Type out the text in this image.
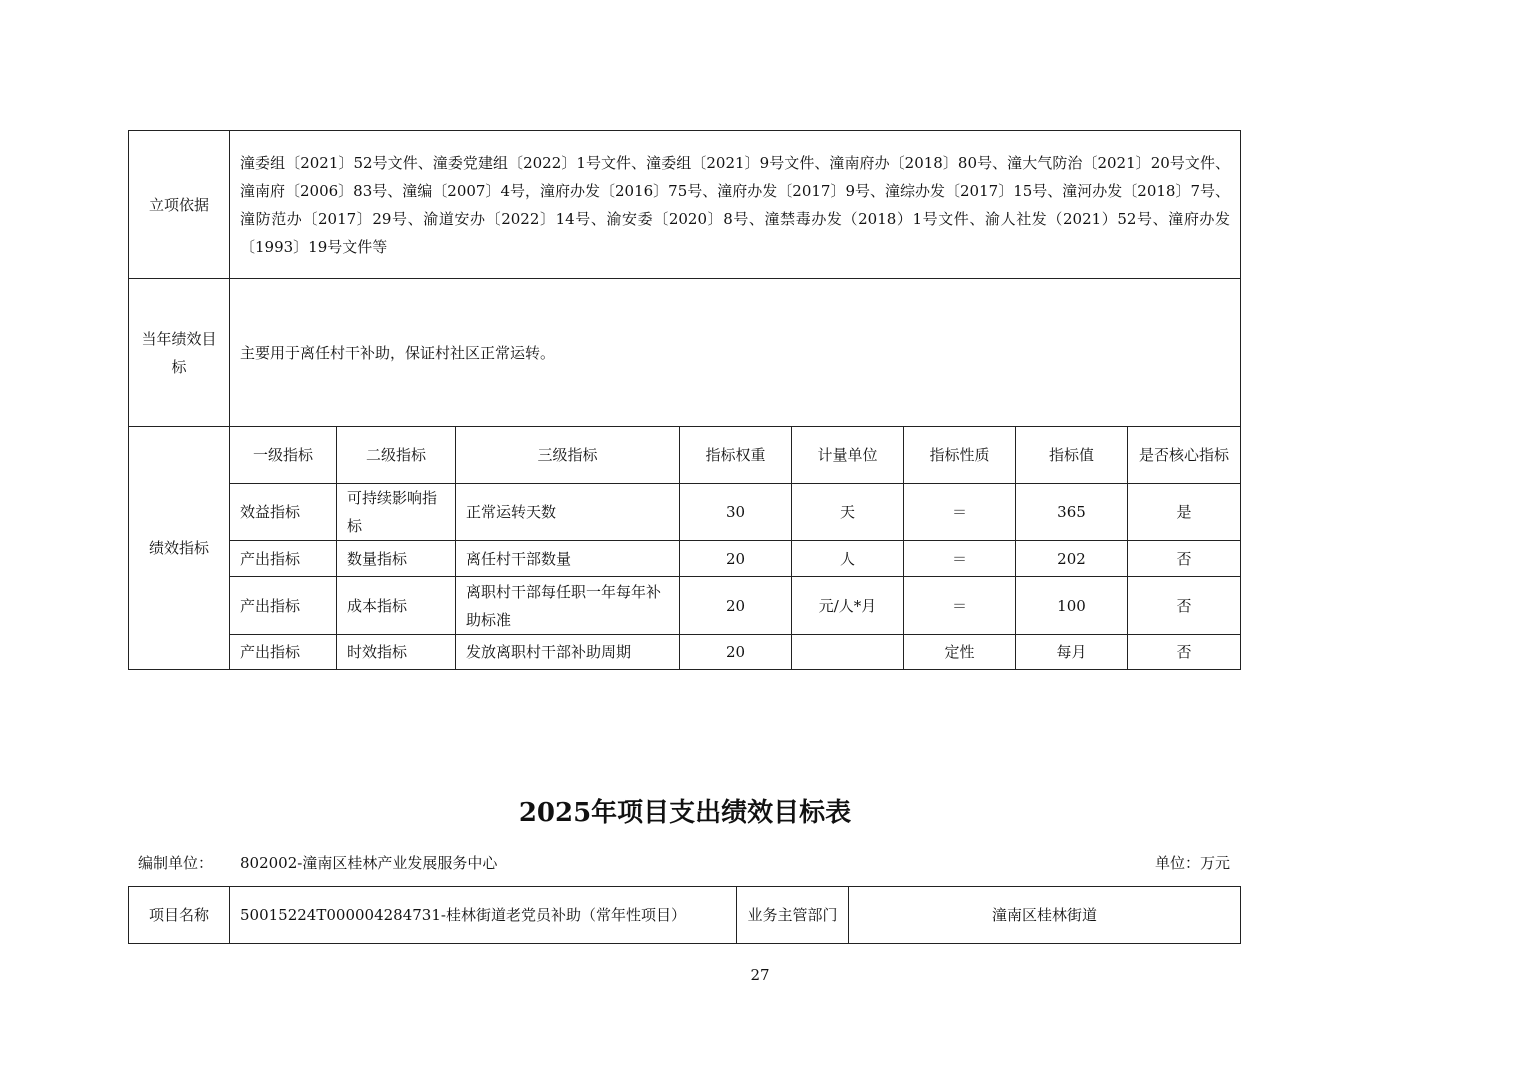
立项依据	潼委组〔2021〕52号文件、潼委党建组〔2022〕1号文件、潼委组〔2021〕9号文件、潼南府办〔2018〕80号、潼大气防治〔2021〕20号文件、潼南府〔2006〕83号、潼编〔2007〕4号，潼府办发〔2016〕75号、潼府办发〔2017〕9号、潼综办发〔2017〕15号、潼河办发〔2018〕7号、潼防范办〔2017〕29号、渝道安办〔2022〕14号、渝安委〔2020〕8号、潼禁毒办发（2018）1号文件、渝人社发（2021）52号、潼府办发〔1993〕19号文件等							
当年绩效目标	主要用于离任村干补助，保证村社区正常运转。							
绩效指标	一级指标	二级指标	三级指标	指标权重	计量单位	指标性质	指标值	是否核心指标
	效益指标	可持续影响指标	正常运转天数	30	天	＝	365	是
	产出指标	数量指标	离任村干部数量	20	人	＝	202	否
	产出指标	成本指标	离职村干部每任职一年每年补助标准	20	元/人*月	＝	100	否
	产出指标	时效指标	发放离职村干部补助周期	20		定性	每月	否
2025年项目支出绩效目标表
编制单位： 802002-潼南区桂林产业发展服务中心	单位：万元
项目名称	50015224T000004284731-桂林街道老党员补助（常年性项目）	业务主管部门	潼南区桂林街道
27
